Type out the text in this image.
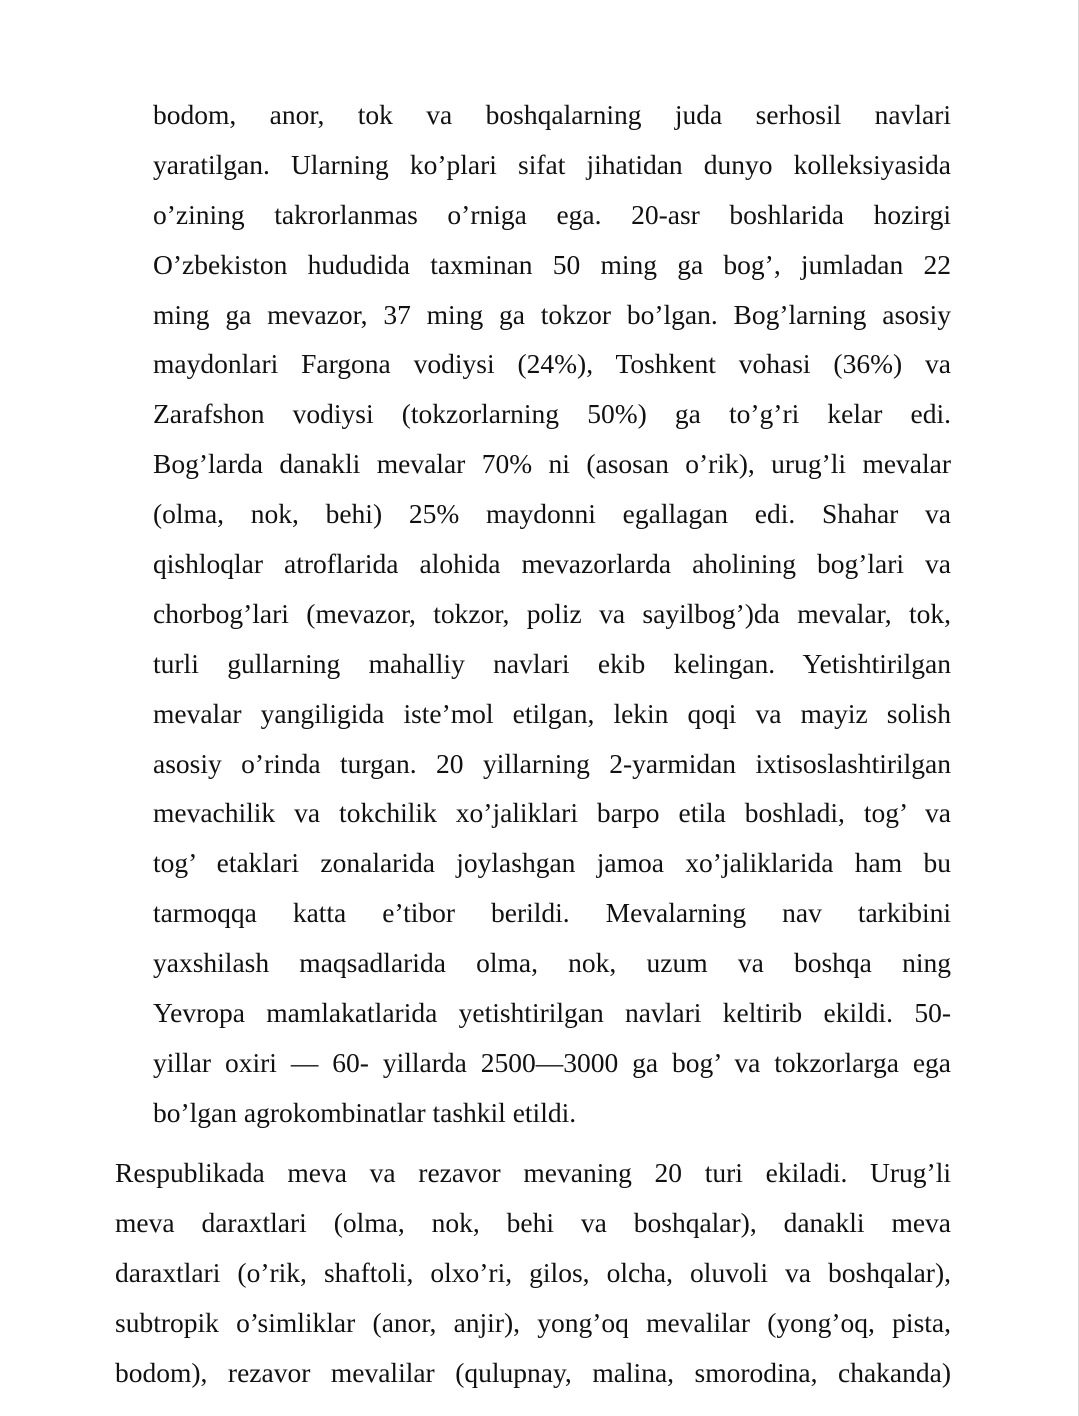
bodom, anor, tok va boshqalarning juda serhosil navlari
yaratilgan. Ularning ko’plari sifat jihatidan dunyo kolleksiyasida
o’zining takrorlanmas o’rniga ega. 20-asr boshlarida hozirgi
O’zbekiston hududida taxminan 50 ming ga bog’, jumladan 22
ming ga mevazor, 37 ming ga tokzor bo’lgan. Bog’larning asosiy
maydonlari Fargona vodiysi (24%), Toshkent vohasi (36%) va
Zarafshon vodiysi (tokzorlarning 50%) ga to’g’ri kelar edi.
Bog’larda danakli mevalar 70% ni (asosan o’rik), urug’li mevalar
(olma, nok, behi) 25% maydonni egallagan edi. Shahar va
qishloqlar atroflarida alohida mevazorlarda aholining bog’lari va
chorbog’lari (mevazor, tokzor, poliz va sayilbog’)da mevalar, tok,
turli gullarning mahalliy navlari ekib kelingan. Yetishtirilgan
mevalar yangiligida iste’mol etilgan, lekin qoqi va mayiz solish
asosiy o’rinda turgan. 20 yillarning 2-yarmidan ixtisoslashtirilgan
mevachilik va tokchilik xo’jaliklari barpo etila boshladi, tog’ va
tog’ etaklari zonalarida joylashgan jamoa xo’jaliklarida ham bu
tarmoqqa katta e’tibor berildi. Mevalarning nav tarkibini
yaxshilash maqsadlarida olma, nok, uzum va boshqa ning
Yevropa mamlakatlarida yetishtirilgan navlari keltirib ekildi. 50-
yillar oxiri — 60- yillarda 2500—3000 ga bog’ va tokzorlarga ega
bo’lgan agrokombinatlar tashkil etildi.
Respublikada meva va rezavor mevaning 20 turi ekiladi. Urug’li
meva daraxtlari (olma, nok, behi va boshqalar), danakli meva
daraxtlari (o’rik, shaftoli, olxo’ri, gilos, olcha, oluvoli va boshqalar),
subtropik o’simliklar (anor, anjir), yong’oq mevalilar (yong’oq, pista,
bodom), rezavor mevalilar (qulupnay, malina, smorodina, chakanda)
